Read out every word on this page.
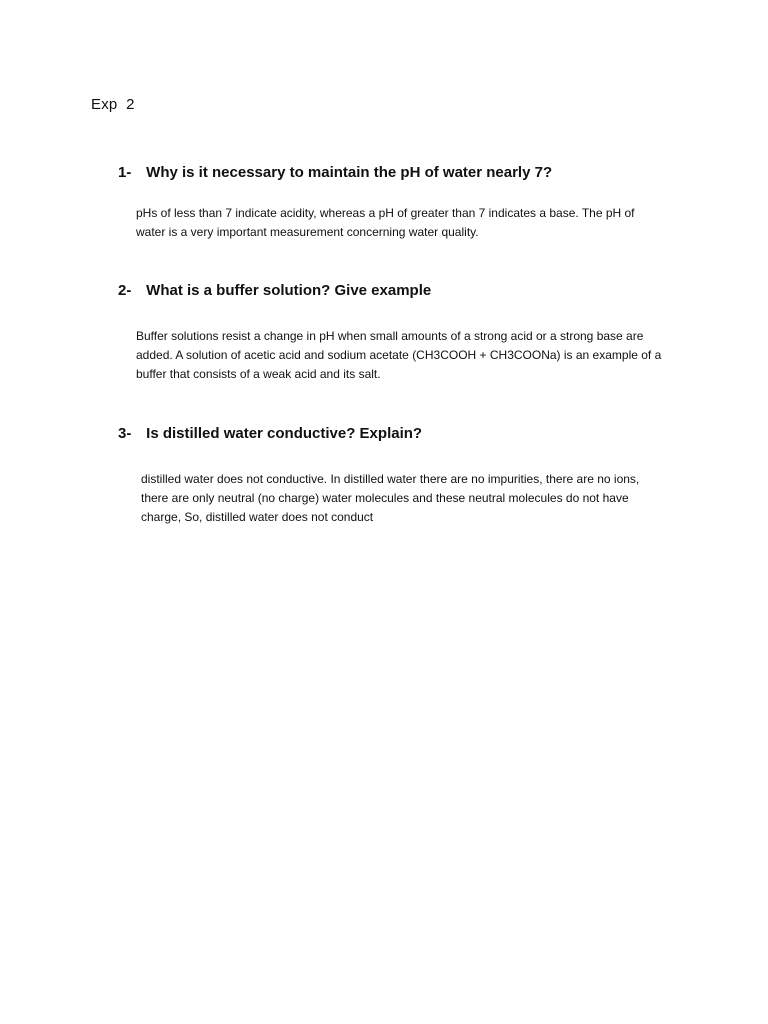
Exp  2
1- Why is it necessary to maintain the pH of water nearly 7?
pHs of less than 7 indicate acidity, whereas a pH of greater than 7 indicates a base. The pH of
water is a very important measurement concerning water quality.
2- What is a buffer solution? Give example
Buffer solutions resist a change in pH when small amounts of a strong acid or a strong base are
added. A solution of acetic acid and sodium acetate (CH3COOH + CH3COONa) is an example of a
buffer that consists of a weak acid and its salt.
3- Is distilled water conductive? Explain?
distilled water does not conductive. In distilled water there are no impurities, there are no ions,
there are only neutral (no charge) water molecules and these neutral molecules do not have
charge, So, distilled water does not conduct
